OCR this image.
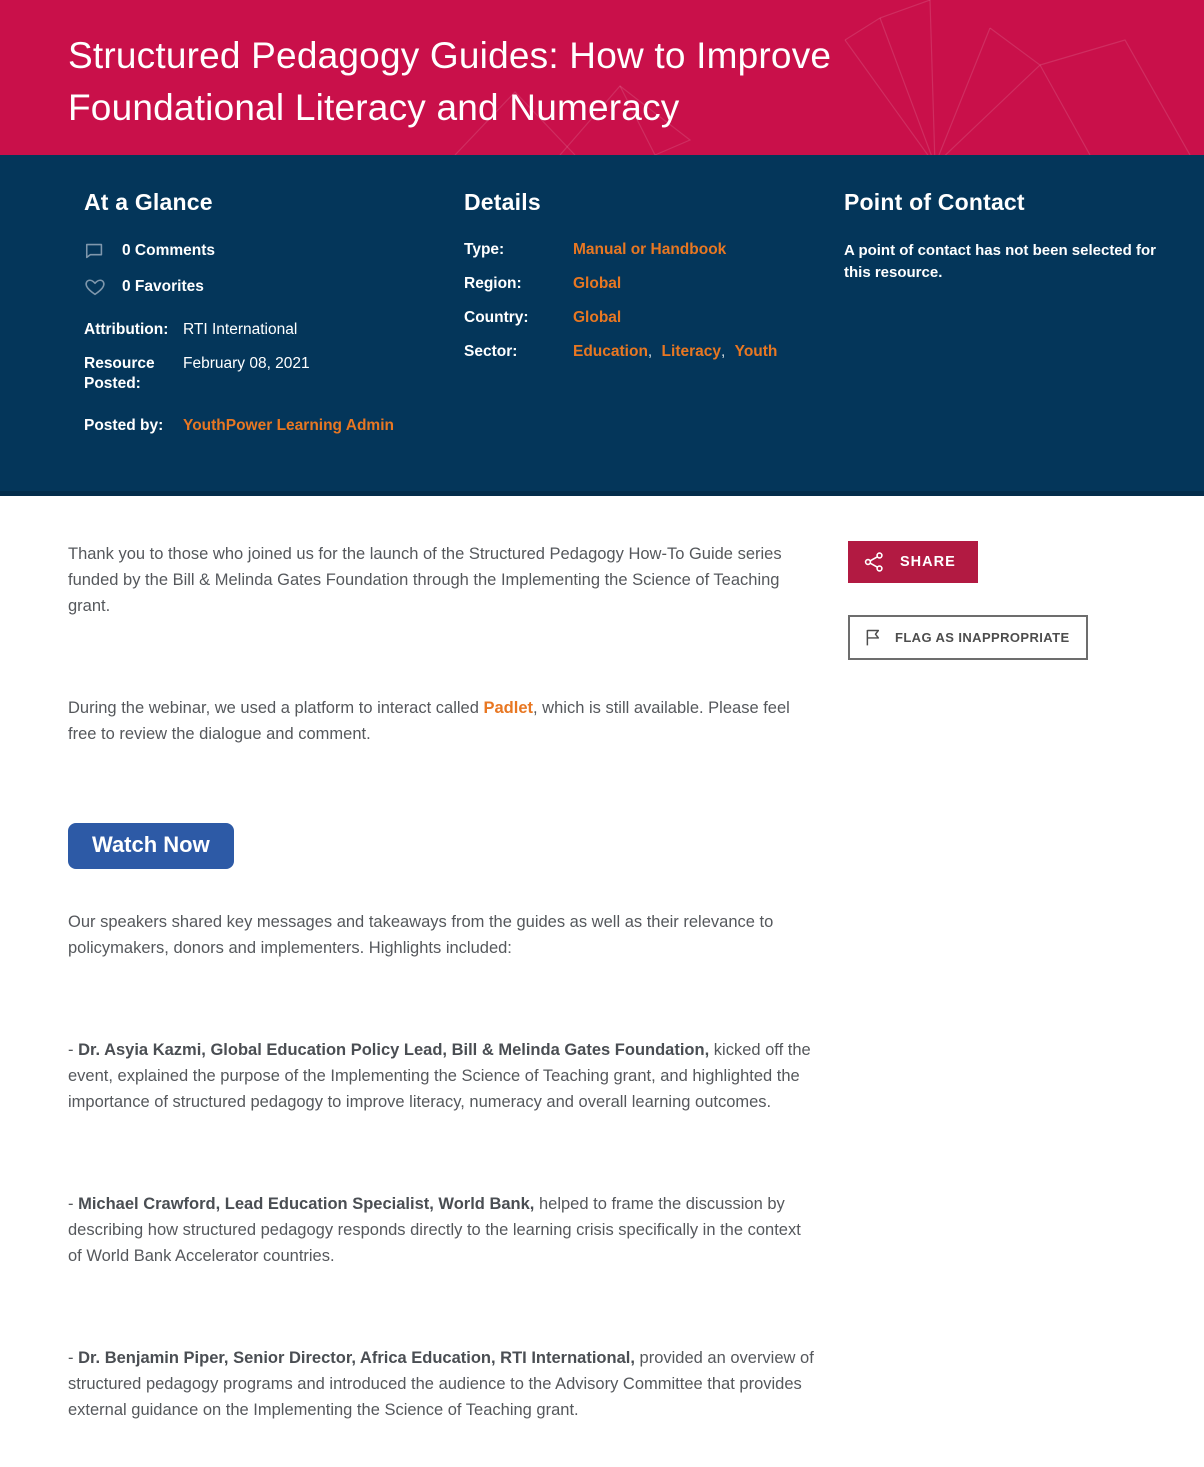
Structured Pedagogy Guides: How to Improve Foundational Literacy and Numeracy
At a Glance
0 Comments
0 Favorites
Attribution: RTI International
Resource Posted:
February 08, 2021
Posted by:	YouthPower Learning Admin
Details
Type:	Manual or Handbook
Region:	Global
Country:	Global
Sector:	Education, Literacy, Youth
Point of Contact

A point of contact has not been selected for this resource.

Thank you to those who joined us for the launch of the Structured Pedagogy How-To Guide series funded by the Bill & Melinda Gates Foundation through the Implementing the Science of Teaching grant.

During the webinar, we used a platform to interact called Padlet, which is still available. Please feel free to review the dialogue and comment.

Watch Now

Our speakers shared key messages and takeaways from the guides as well as their relevance to policymakers, donors and implementers. Highlights included:

- Dr. Asyia Kazmi, Global Education Policy Lead, Bill & Melinda Gates Foundation, kicked off the event, explained the purpose of the Implementing the Science of Teaching grant, and highlighted the importance of structured pedagogy to improve literacy, numeracy and overall learning outcomes.

- Michael Crawford, Lead Education Specialist, World Bank, helped to frame the discussion by describing how structured pedagogy responds directly to the learning crisis specifically in the context of World Bank Accelerator countries.

- Dr. Benjamin Piper, Senior Director, Africa Education, RTI International, provided an overview of structured pedagogy programs and introduced the audience to the Advisory Committee that provides external guidance on the Implementing the Science of Teaching grant.

SHARE

FLAG AS INAPPROPRIATE
